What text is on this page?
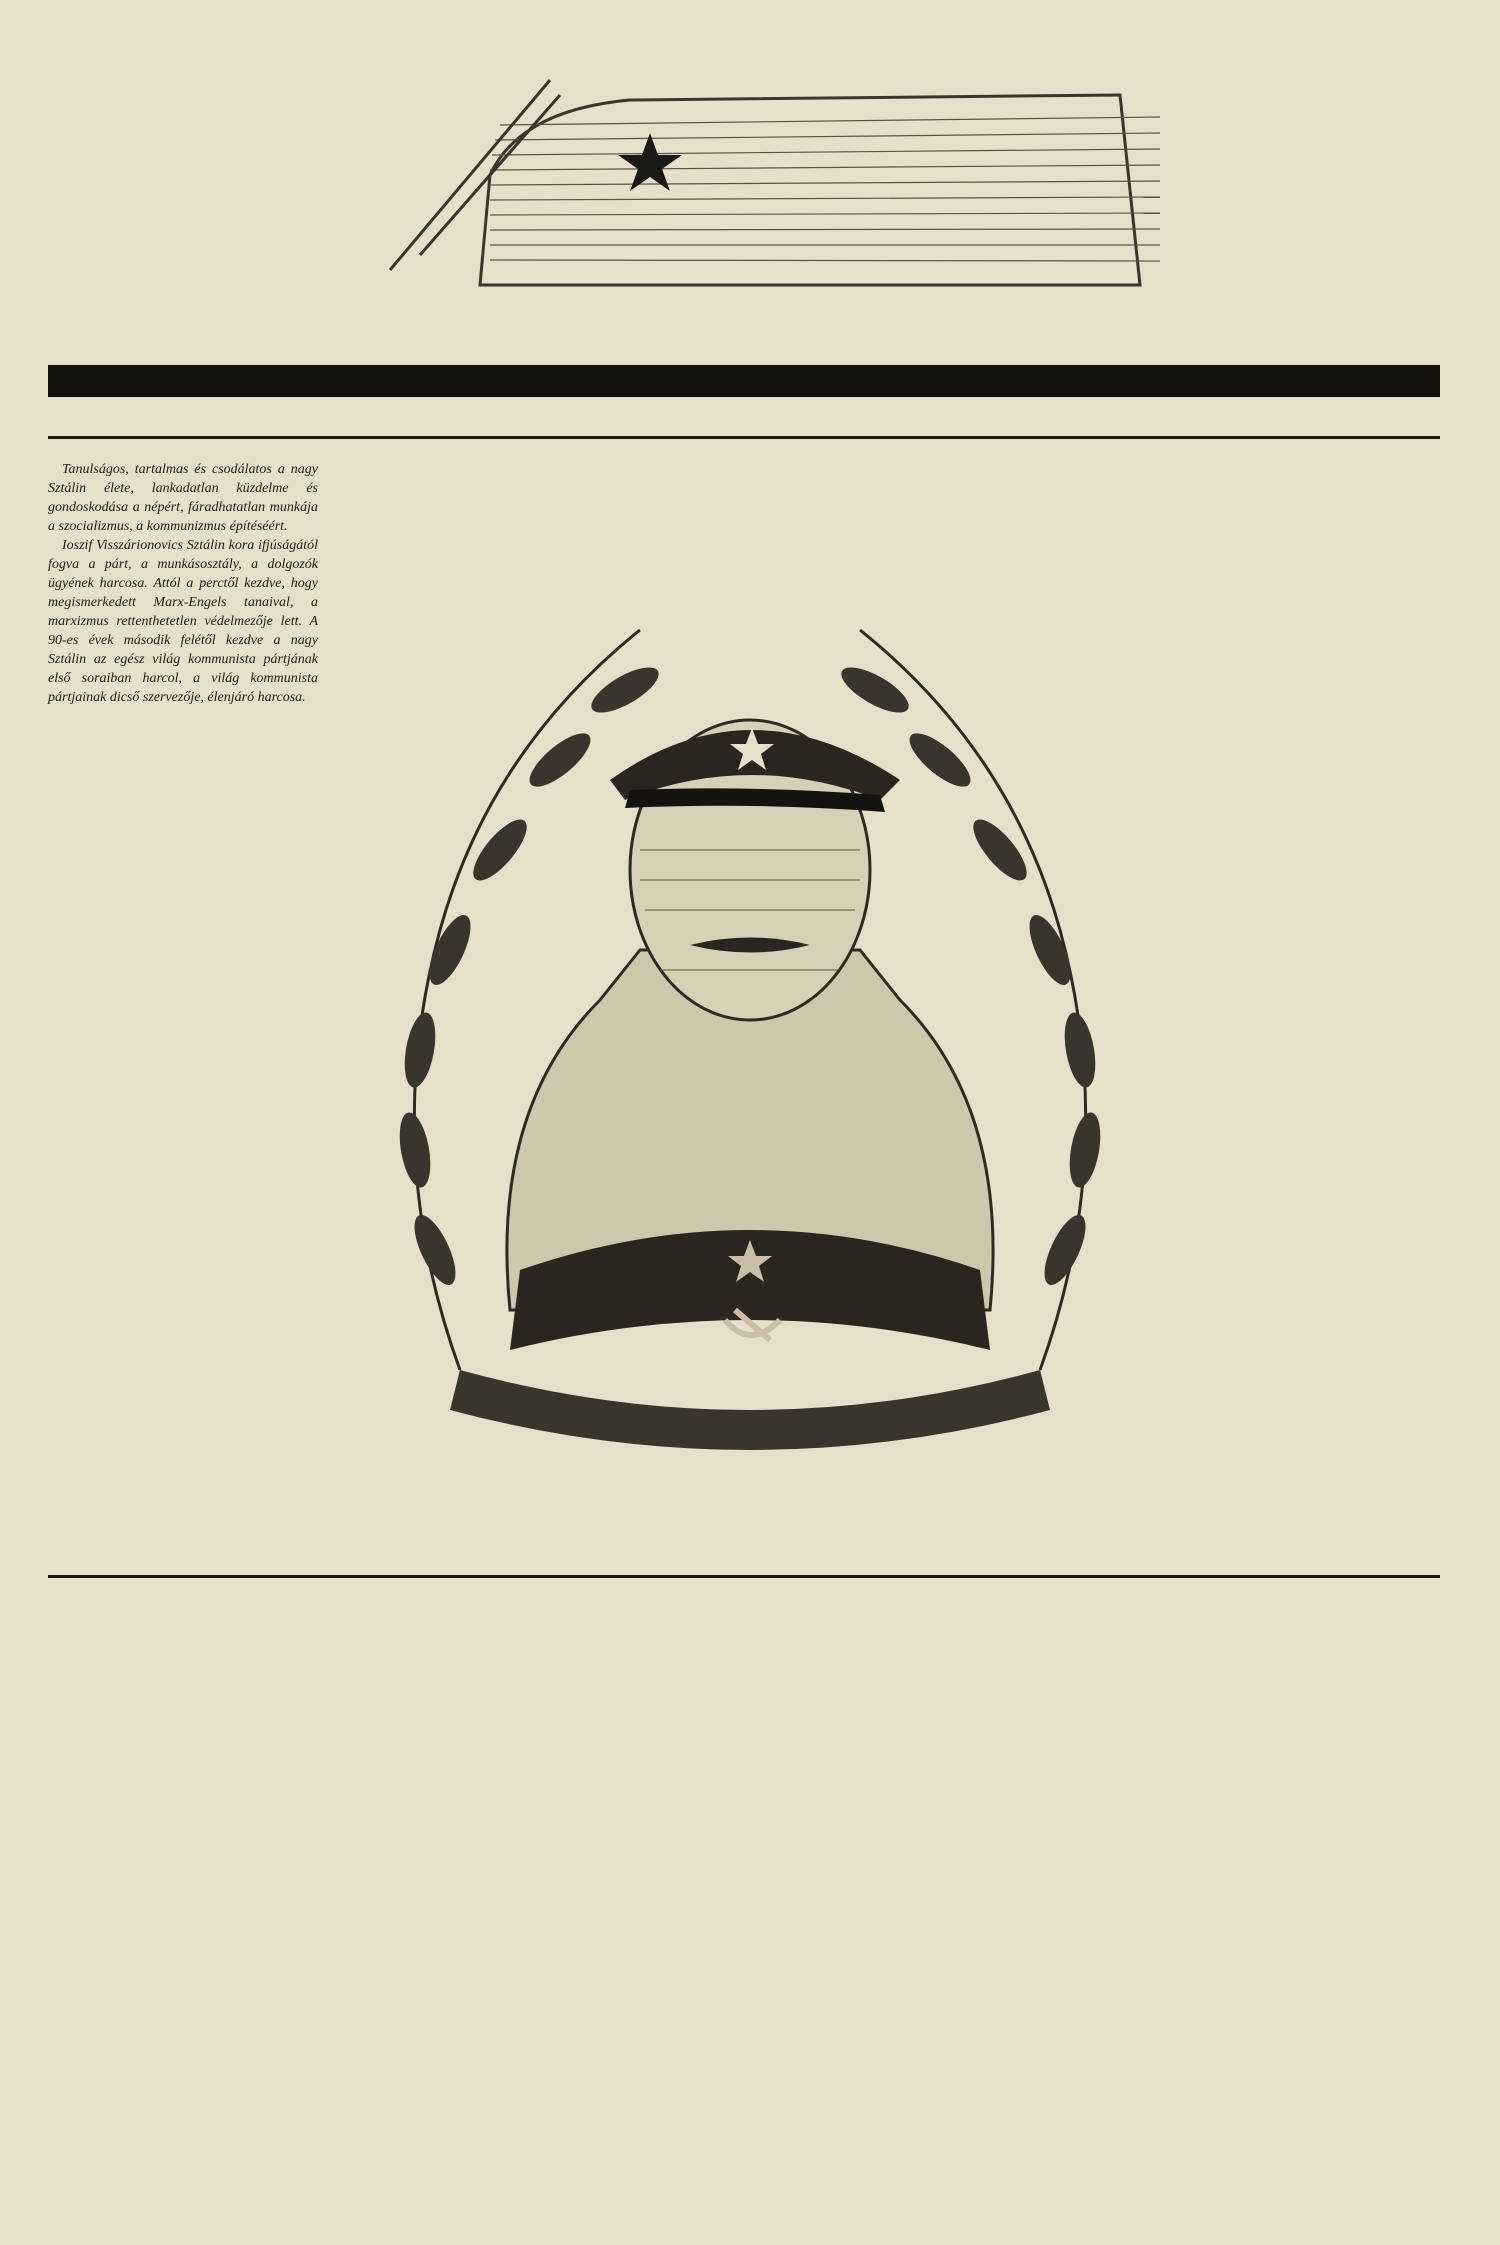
Tanulságos, tartalmas és csodálatos a nagy Sztálin élete, lankadatlan küzdelme és gondoskodása a népért, fáradhatatlan munkája a szocializmus, a kommunizmus építéséért.

Ioszif Visszárionovics Sztálin kora ifjúságától fogva a párt, a munkásosztály, a dolgozók ügyének harcosa. Attól a perctől kezdve, hogy megismerkedett Marx-Engels tanaival, a marxizmus rettenthetetlen védelmezője lett. A 90-es évek második felétől kezdve a nagy Sztálin az egész világ kommunista pártjának első soraiban harcol, a világ kommunista pártjainak dicső szervezője, élenjáró harcosa.
